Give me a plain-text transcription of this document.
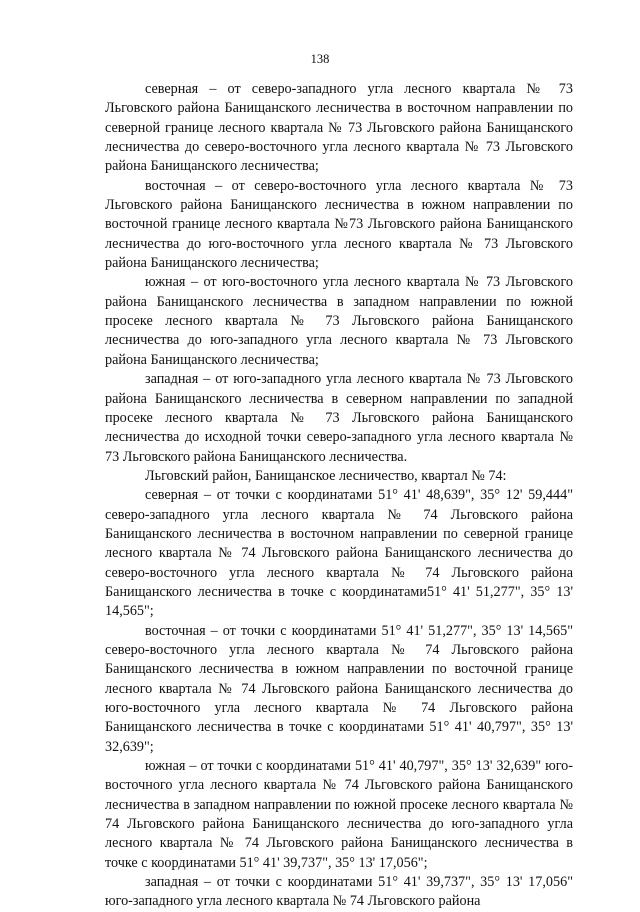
138

северная – от северо-западного угла лесного квартала № 73 Льговского района Банищанского лесничества в восточном направлении по северной границе лесного квартала № 73 Льговского района Банищанского лесничества до северо-восточного угла лесного квартала № 73 Льговского района Банищанского лесничества;

восточная – от северо-восточного угла лесного квартала № 73 Льговского района Банищанского лесничества в южном направлении по восточной границе лесного квартала №73 Льговского района Банищанского лесничества до юго-восточного угла лесного квартала № 73 Льговского района Банищанского лесничества;

южная – от юго-восточного угла лесного квартала № 73 Льговского района Банищанского лесничества в западном направлении по южной просеке лесного квартала № 73 Льговского района Банищанского лесничества до юго-западного угла лесного квартала № 73 Льговского района Банищанского лесничества;

западная – от юго-западного угла лесного квартала № 73 Льговского района Банищанского лесничества в северном направлении по западной просеке лесного квартала № 73 Льговского района Банищанского лесничества до исходной точки северо-западного угла лесного квартала № 73 Льговского района Банищанского лесничества.

Льговский район, Банищанское лесничество, квартал № 74:

северная – от точки с координатами 51° 41' 48,639", 35° 12' 59,444" северо-западного угла лесного квартала № 74 Льговского района Банищанского лесничества в восточном направлении по северной границе лесного квартала № 74 Льговского района Банищанского лесничества до северо-восточного угла лесного квартала № 74 Льговского района Банищанского лесничества в точке с координатами51° 41' 51,277", 35° 13' 14,565";

восточная – от точки с координатами 51° 41' 51,277", 35° 13' 14,565" северо-восточного угла лесного квартала № 74 Льговского района Банищанского лесничества в южном направлении по восточной границе лесного квартала № 74 Льговского района Банищанского лесничества до юго-восточного угла лесного квартала № 74 Льговского района Банищанского лесничества в точке с координатами 51° 41' 40,797", 35° 13' 32,639";

южная – от точки с координатами 51° 41' 40,797", 35° 13' 32,639" юго-восточного угла лесного квартала № 74 Льговского района Банищанского лесничества в западном направлении по южной просеке лесного квартала № 74 Льговского района Банищанского лесничества до юго-западного угла лесного квартала № 74 Льговского района Банищанского лесничества в точке с координатами 51° 41' 39,737", 35° 13' 17,056";

западная – от точки с координатами 51° 41' 39,737", 35° 13' 17,056" юго-западного угла лесного квартала № 74 Льговского района
